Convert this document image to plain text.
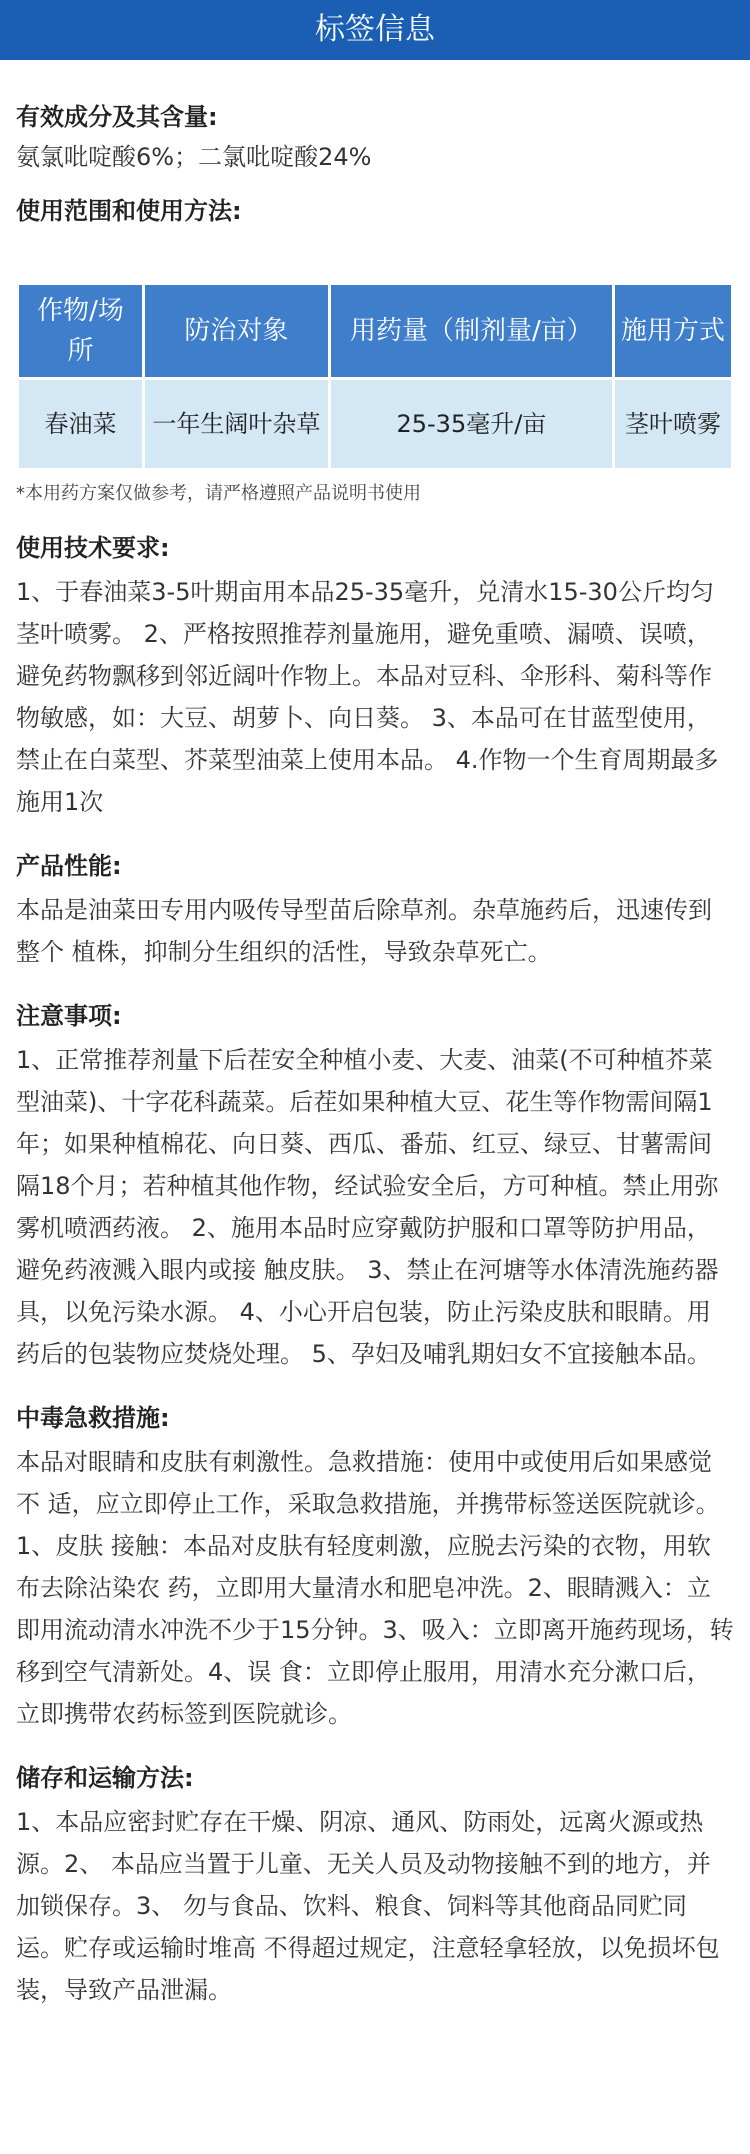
标签信息
有效成分及其含量:
氨氯吡啶酸6%；二氯吡啶酸24%
使用范围和使用方法:
作物/场所	防治对象	用药量（制剂量/亩）	施用方式
春油菜	一年生阔叶杂草	25-35毫升/亩	茎叶喷雾
*本用药方案仅做参考，请严格遵照产品说明书使用
使用技术要求:
1、于春油菜3-5叶期亩用本品25-35毫升，兑清水15-30公斤均匀茎叶喷雾。 2、严格按照推荐剂量施用，避免重喷、漏喷、误喷，避免药物飘移到邻近阔叶作物上。本品对豆科、伞形科、菊科等作物敏感，如：大豆、胡萝卜、向日葵。 3、本品可在甘蓝型使用，禁止在白菜型、芥菜型油菜上使用本品。 4.作物一个生育周期最多施用1次
产品性能:
本品是油菜田专用内吸传导型苗后除草剂。杂草施药后，迅速传到整个 植株，抑制分生组织的活性，导致杂草死亡。
注意事项:
1、正常推荐剂量下后茬安全种植小麦、大麦、油菜(不可种植芥菜型油菜)、十字花科蔬菜。后茬如果种植大豆、花生等作物需间隔1年；如果种植棉花、向日葵、西瓜、番茄、红豆、绿豆、甘薯需间隔18个月；若种植其他作物，经试验安全后，方可种植。禁止用弥雾机喷洒药液。 2、施用本品时应穿戴防护服和口罩等防护用品，避免药液溅入眼内或接 触皮肤。 3、禁止在河塘等水体清洗施药器具，以免污染水源。 4、小心开启包装，防止污染皮肤和眼睛。用药后的包装物应焚烧处理。 5、孕妇及哺乳期妇女不宜接触本品。
中毒急救措施:
本品对眼睛和皮肤有刺激性。急救措施：使用中或使用后如果感觉不 适，应立即停止工作，采取急救措施，并携带标签送医院就诊。1、皮肤 接触：本品对皮肤有轻度刺激，应脱去污染的衣物，用软布去除沾染农 药，立即用大量清水和肥皂冲洗。2、眼睛溅入：立即用流动清水冲洗不少于15分钟。3、吸入：立即离开施药现场，转移到空气清新处。4、误 食：立即停止服用，用清水充分漱口后，立即携带农药标签到医院就诊。
储存和运输方法:
1、本品应密封贮存在干燥、阴凉、通风、防雨处，远离火源或热源。2、 本品应当置于儿童、无关人员及动物接触不到的地方，并加锁保存。3、 勿与食品、饮料、粮食、饲料等其他商品同贮同运。贮存或运输时堆高 不得超过规定，注意轻拿轻放，以免损坏包装，导致产品泄漏。
